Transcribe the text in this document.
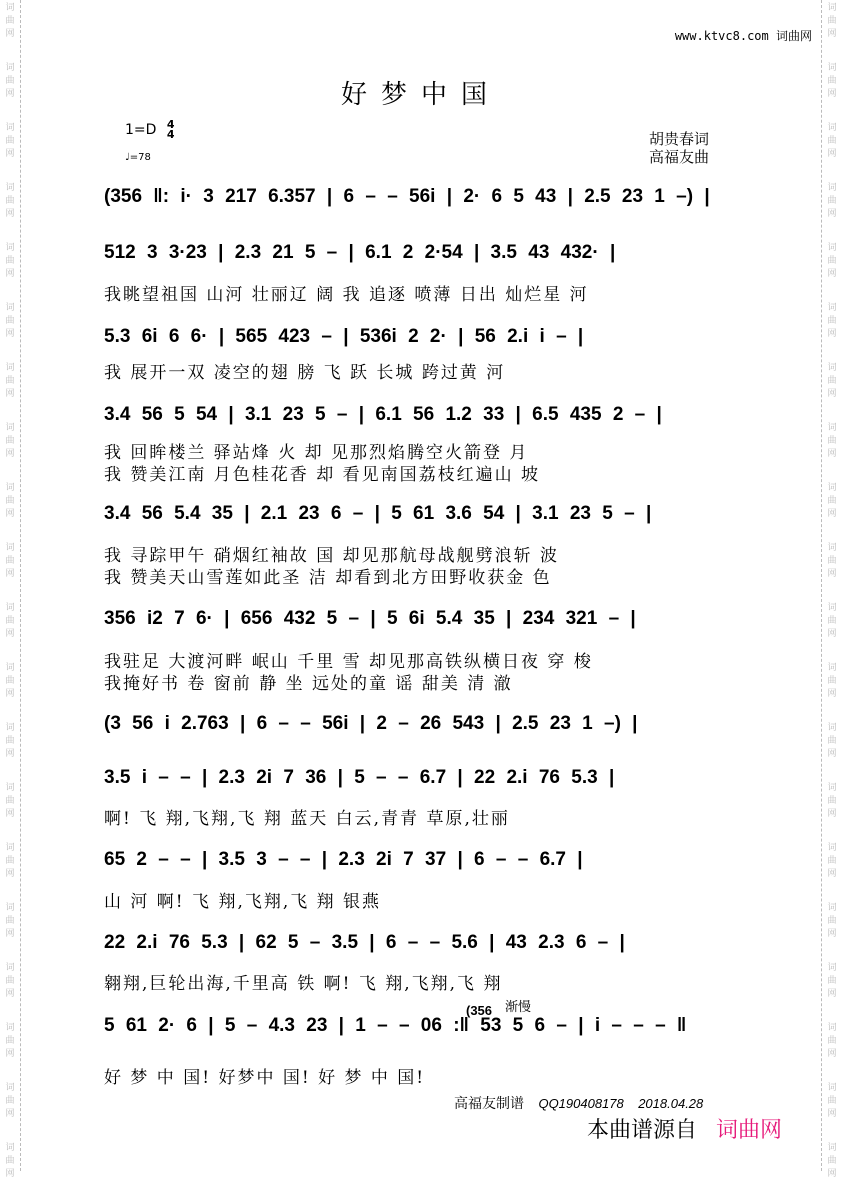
词
曲
网
词
曲
网
词
曲
网
词
曲
网
词
曲
网
词
曲
网
词
曲
网
词
曲
网
词
曲
网
词
曲
网
词
曲
网
词
曲
网
词
曲
网
词
曲
网
词
曲
网
词
曲
网
词
曲
网
词
曲
网
词
曲
网
词
曲
网
词
曲
网
词
曲
网
词
曲
网
词
曲
网
词
曲
网
词
曲
网
词
曲
网
词
曲
网
词
曲
网
词
曲
网
词
曲
网
词
曲
网
词
曲
网
词
曲
网
词
曲
网
词
曲
网
词
曲
网
词
曲
网
词
曲
网
词
曲
网
www.ktvc8.com 词曲网
好梦中国
1=D 4
4
♩=78
胡贵春词
高福友曲
(356 ‖: i· 3 217 6.357 | 6 – – 56i | 2· 6 5 43 | 2.5 23 1 –) |
512 3 3·23 | 2.3 21 5 – | 6.1 2 2·54 | 3.5 43 432· |
5.3 6i 6 6· | 565 423 – | 536i 2 2· | 56 2.i i – |
3.4 56 5 54 | 3.1 23 5 – | 6.1 56 1.2 33 | 6.5 435 2 – |
3.4 56 5.4 35 | 2.1 23 6 – | 5 61 3.6 54 | 3.1 23 5 – |
356 i2 7 6· | 656 432 5 – | 5 6i 5.4 35 | 234 321 – |
(3 56 i 2.763 | 6 – – 56i | 2 – 26 543 | 2.5 23 1 –) |
3.5 i – – | 2.3 2i 7 36 | 5 – – 6.7 | 22 2.i 76 5.3 |
65 2 – – | 3.5 3 – – | 2.3 2i 7 37 | 6 – – 6.7 |
22 2.i 76 5.3 | 62 5 – 3.5 | 6 – – 5.6 | 43 2.3 6 – |
5 61 2· 6 | 5 – 4.3 23 | 1 – – 06 :‖ 53 5 6 – | i – – – ‖
我眺望祖国 山河 壮丽辽 阔 我 追逐 喷薄 日出 灿烂星 河
我 展开一双 凌空的翅 膀 飞 跃 长城 跨过黄 河
我 回眸楼兰 驿站烽 火 却 见那烈焰腾空火箭登 月
我 赞美江南 月色桂花香 却 看见南国荔枝红遍山 坡
我 寻踪甲午 硝烟红袖故 国 却见那航母战舰劈浪斩 波
我 赞美天山雪莲如此圣 洁 却看到北方田野收获金 色
我驻足 大渡河畔 岷山 千里 雪 却见那高铁纵横日夜 穿 梭
我掩好书 卷 窗前 静 坐 远处的童 谣 甜美 清 澈
啊! 飞 翔,飞翔,飞 翔 蓝天 白云,青青 草原,壮丽
山 河 啊! 飞 翔,飞翔,飞 翔 银燕
翱翔,巨轮出海,千里高 铁 啊! 飞 翔,飞翔,飞 翔
好 梦 中 国! 好梦中 国! 好 梦 中 国!
渐慢
(356
高福友制谱 QQ190408178 2018.04.28
本曲谱源自 词曲网
